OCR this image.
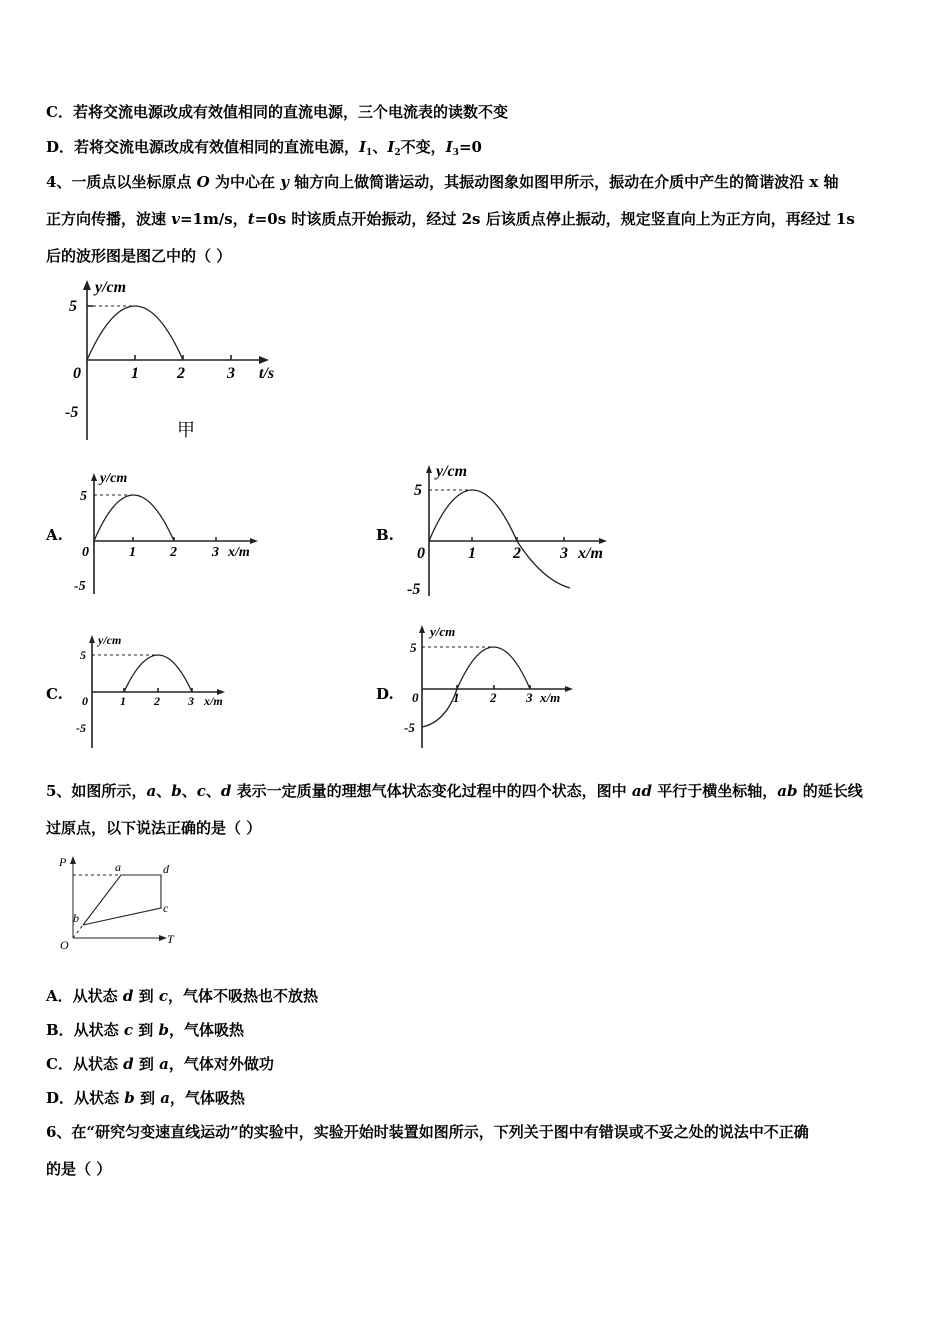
C．若将交流电源改成有效值相同的直流电源，三个电流表的读数不变
D．若将交流电源改成有效值相同的直流电源，$I_1$、$I_2$不变，$I_3=0$
4、一质点以坐标原点 O 为中心在 y 轴方向上做简谐运动，其振动图象如图甲所示，振动在介质中产生的简谐波沿 x 轴
正方向传播，波速 v=1m/s，t=0s 时该质点开始振动，经过 2s 后该质点停止振动，规定竖直向上为正方向，再经过 1s
后的波形图是图乙中的（ ）
y/cm
5
0	1 2	3 t/s
-5
甲
A.
y/cm
5
0	1 2	3 x/m
-5
B.
y/cm
5
0	1 2 3 x/m
-5
C.
y/cm
5
0	1 2 3 x/m
-5
D.
y/cm
5
0	1 2 3 x/m
-5
5、如图所示，a、b、c、d 表示一定质量的理想气体状态变化过程中的四个状态，图中 ad 平行于横坐标轴，ab 的延长线
过原点，以下说法正确的是（ ）
P	a	d
c
b
O	T
A．从状态 d 到 c，气体不吸热也不放热
B．从状态 c 到 b，气体吸热
C．从状态 d 到 a，气体对外做功
D．从状态 b 到 a，气体吸热
6、在“研究匀变速直线运动”的实验中，实验开始时装置如图所示，下列关于图中有错误或不妥之处的说法中不正确
的是（ ）
